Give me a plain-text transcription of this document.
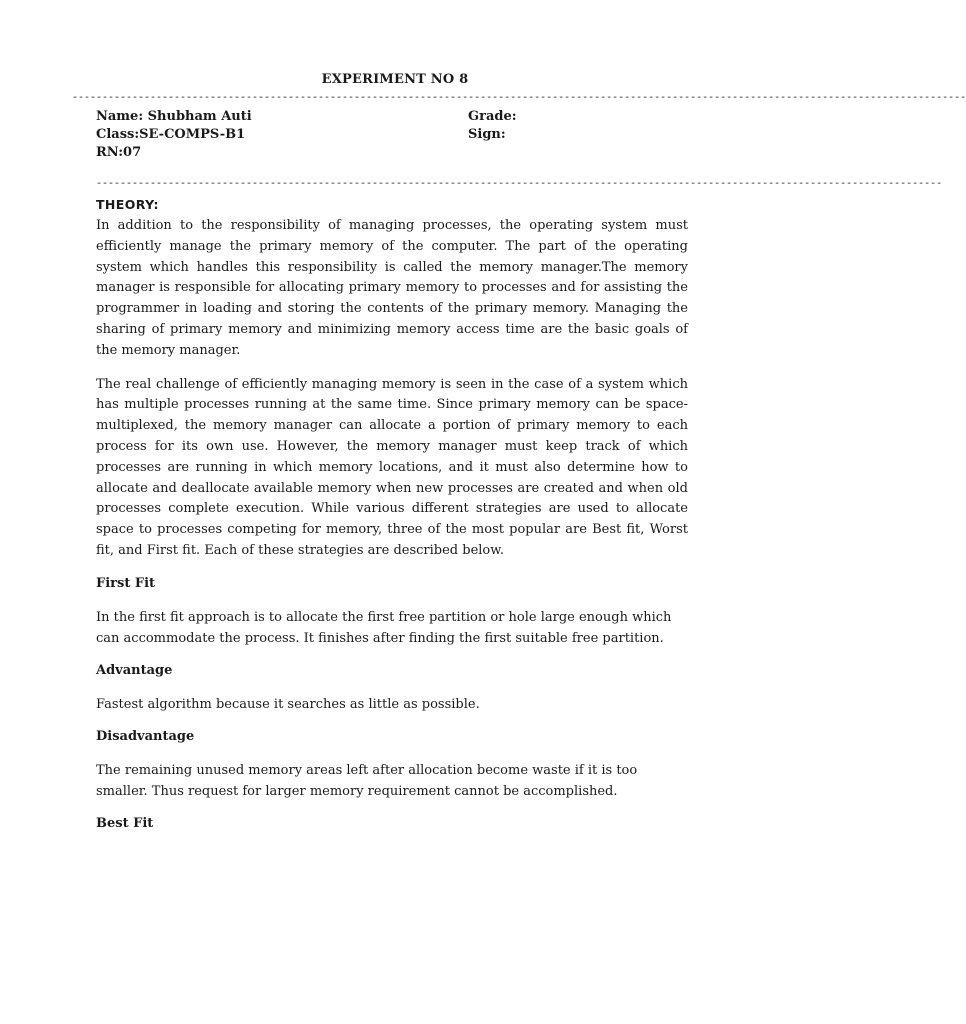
EXPERIMENT NO 8
-----------------------------------------------------------------------------------------------------------------------------------------------------
Name: Shubham Auti
Class:SE-COMPS-B1
RN:07
Grade:
Sign:
---------------------------------------------------------------------------------------------------------------------------------------------
THEORY:

In addition to the responsibility of managing processes, the operating system must efficiently manage the primary memory of the computer. The part of the operating system which handles this responsibility is called the memory manager.The memory manager is responsible for allocating primary memory to processes and for assisting the programmer in loading and storing the contents of the primary memory. Managing the sharing of primary memory and minimizing memory access time are the basic goals of the memory manager.

The real challenge of efficiently managing memory is seen in the case of a system which has multiple processes running at the same time. Since primary memory can be space-multiplexed, the memory manager can allocate a portion of primary memory to each process for its own use. However, the memory manager must keep track of which processes are running in which memory locations, and it must also determine how to allocate and deallocate available memory when new processes are created and when old processes complete execution. While various different strategies are used to allocate space to processes competing for memory, three of the most popular are Best fit, Worst fit, and First fit. Each of these strategies are described below.

First Fit

In the first fit approach is to allocate the first free partition or hole large enough which can accommodate the process. It finishes after finding the first suitable free partition.

Advantage

Fastest algorithm because it searches as little as possible.

Disadvantage

The remaining unused memory areas left after allocation become waste if it is too smaller. Thus request for larger memory requirement cannot be accomplished.

Best Fit
